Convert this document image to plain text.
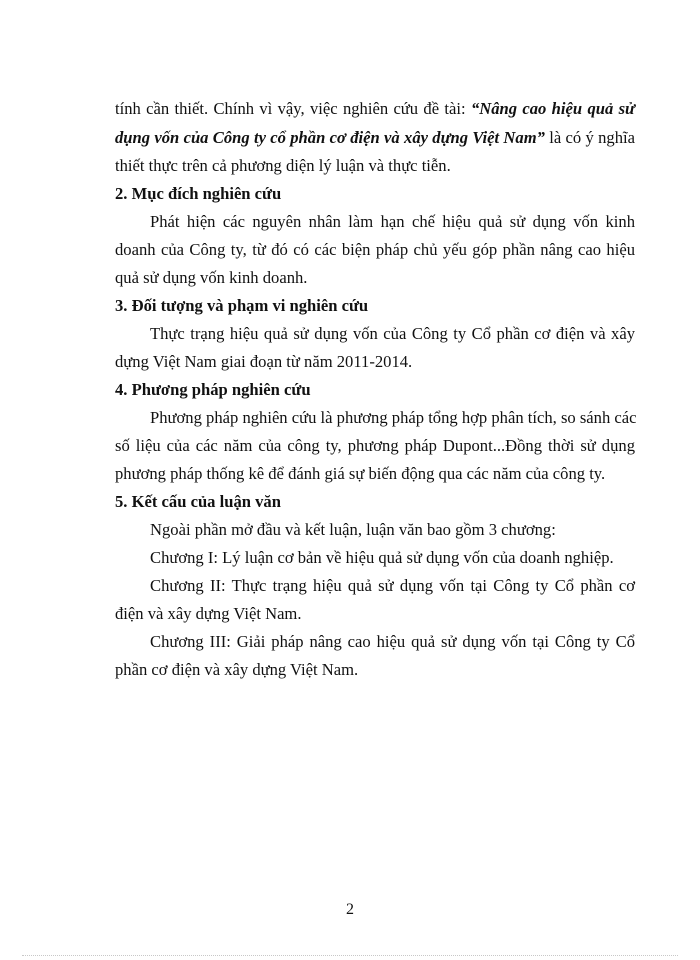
tính cần thiết. Chính vì vậy, việc nghiên cứu đề tài: “Nâng cao hiệu quả sử
dụng vốn của Công ty cổ phần cơ điện và xây dựng Việt Nam” là có ý nghĩa
thiết thực trên cả phương diện lý luận và thực tiễn.
2. Mục đích nghiên cứu
Phát hiện các nguyên nhân làm hạn chế hiệu quả sử dụng vốn kinh
doanh của Công ty, từ đó có các biện pháp chủ yếu góp phần nâng cao hiệu
quả sử dụng vốn kinh doanh.
3. Đối tượng và phạm vi nghiên cứu
Thực trạng hiệu quả sử dụng vốn của Công ty Cổ phần cơ điện và xây
dựng Việt Nam giai đoạn từ năm 2011-2014.
4. Phương pháp nghiên cứu
Phương pháp nghiên cứu là phương pháp tổng hợp phân tích, so sánh các
số liệu của các năm của công ty, phương pháp Dupont...Đồng thời sử dụng
phương pháp thống kê để đánh giá sự biến động qua các năm của công ty.
5. Kết cấu của luận văn
Ngoài phần mở đầu và kết luận, luận văn bao gồm 3 chương:
Chương I: Lý luận cơ bản về hiệu quả sử dụng vốn của doanh nghiệp.
Chương II: Thực trạng hiệu quả sử dụng vốn tại Công ty Cổ phần cơ
điện và xây dựng Việt Nam.
Chương III: Giải pháp nâng cao hiệu quả sử dụng vốn tại Công ty Cổ
phần cơ điện và xây dựng Việt Nam.
2
